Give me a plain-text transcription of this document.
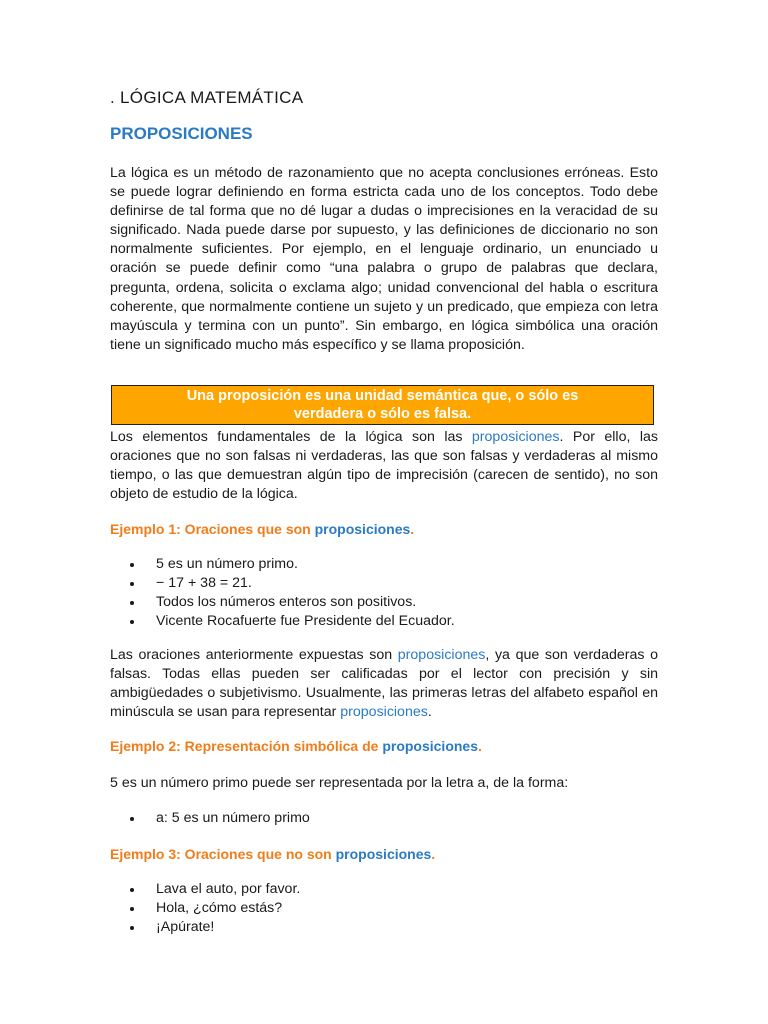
. LÓGICA MATEMÁTICA
PROPOSICIONES

La lógica es un método de razonamiento que no acepta conclusiones erróneas. Esto se puede lograr definiendo en forma estricta cada uno de los conceptos. Todo debe definirse de tal forma que no dé lugar a dudas o imprecisiones en la veracidad de su significado. Nada puede darse por supuesto, y las definiciones de diccionario no son normalmente suficientes. Por ejemplo, en el lenguaje ordinario, un enunciado u oración se puede definir como “una palabra o grupo de palabras que declara, pregunta, ordena, solicita o exclama algo; unidad convencional del habla o escritura coherente, que normalmente contiene un sujeto y un predicado, que empieza con letra mayúscula y termina con un punto”. Sin embargo, en lógica simbólica una oración tiene un significado mucho más específico y se llama proposición.

Una proposición es una unidad semántica que, o sólo es
verdadera o sólo es falsa.

Los elementos fundamentales de la lógica son las proposiciones. Por ello, las oraciones que no son falsas ni verdaderas, las que son falsas y verdaderas al mismo tiempo, o las que demuestran algún tipo de imprecisión (carecen de sentido), no son objeto de estudio de la lógica.

Ejemplo 1: Oraciones que son proposiciones.

5 es un número primo.
− 17 + 38 = 21.
Todos los números enteros son positivos.
Vicente Rocafuerte fue Presidente del Ecuador.

Las oraciones anteriormente expuestas son proposiciones, ya que son verdaderas o falsas. Todas ellas pueden ser calificadas por el lector con precisión y sin ambigüedades o subjetivismo. Usualmente, las primeras letras del alfabeto español en minúscula se usan para representar proposiciones.

Ejemplo 2: Representación simbólica de proposiciones.

5 es un número primo puede ser representada por la letra a, de la forma:

a: 5 es un número primo

Ejemplo 3: Oraciones que no son proposiciones.

Lava el auto, por favor.
Hola, ¿cómo estás?
¡Apúrate!
